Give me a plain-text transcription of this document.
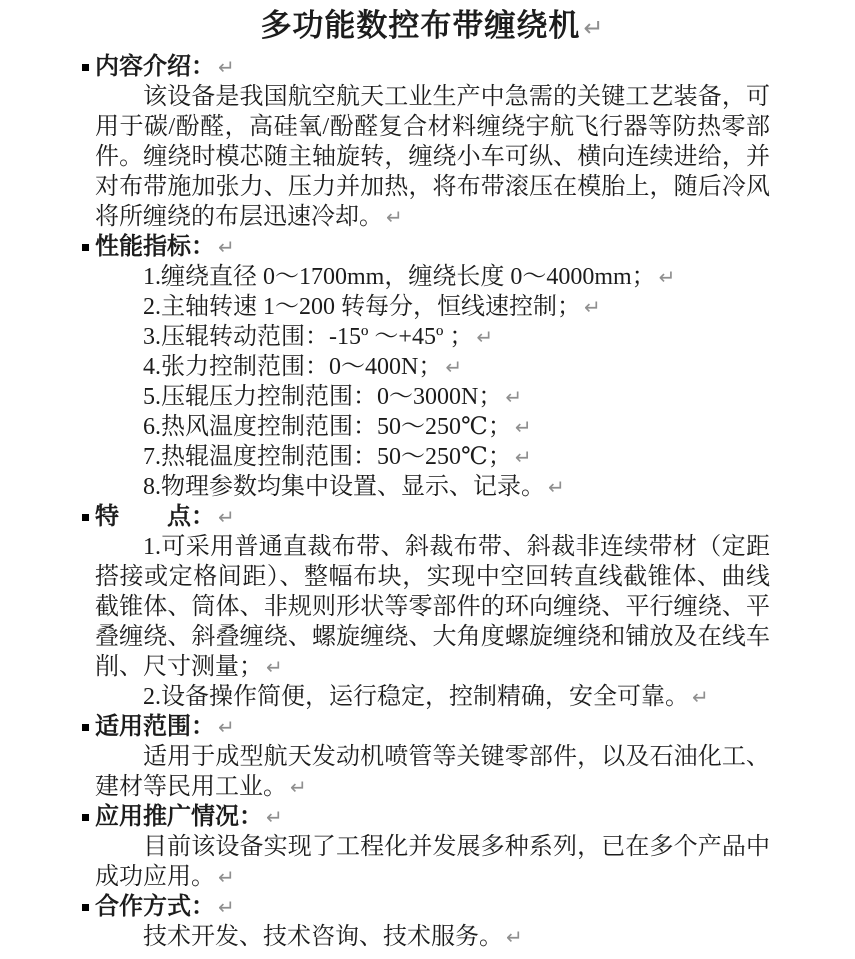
多功能数控布带缠绕机 ↵
内容介绍： ↵

该设备是我国航空航天工业生产中急需的关键工艺装备，可用于碳/酚醛，高硅氧/酚醛复合材料缠绕宇航飞行器等防热零部件。缠绕时模芯随主轴旋转，缠绕小车可纵、横向连续进给，并对布带施加张力、压力并加热，将布带滚压在模胎上，随后冷风将所缠绕的布层迅速冷却。 ↵

性能指标： ↵

1.缠绕直径 0～1700mm，缠绕长度 0～4000mm； ↵

2.主轴转速 1～200 转每分，恒线速控制； ↵

3.压辊转动范围：-15º ～+45º ； ↵

4.张力控制范围：0～400N； ↵

5.压辊压力控制范围：0～3000N； ↵

6.热风温度控制范围：50～250℃； ↵

7.热辊温度控制范围：50～250℃； ↵

8.物理参数均集中设置、显示、记录。 ↵

特　　点： ↵

1.可采用普通直裁布带、斜裁布带、斜裁非连续带材（定距搭接或定格间距）、整幅布块，实现中空回转直线截锥体、曲线截锥体、筒体、非规则形状等零部件的环向缠绕、平行缠绕、平叠缠绕、斜叠缠绕、螺旋缠绕、大角度螺旋缠绕和铺放及在线车削、尺寸测量； ↵

2.设备操作简便，运行稳定，控制精确，安全可靠。 ↵

适用范围： ↵

适用于成型航天发动机喷管等关键零部件，以及石油化工、建材等民用工业。 ↵

应用推广情况： ↵

目前该设备实现了工程化并发展多种系列，已在多个产品中成功应用。 ↵

合作方式： ↵

技术开发、技术咨询、技术服务。 ↵
